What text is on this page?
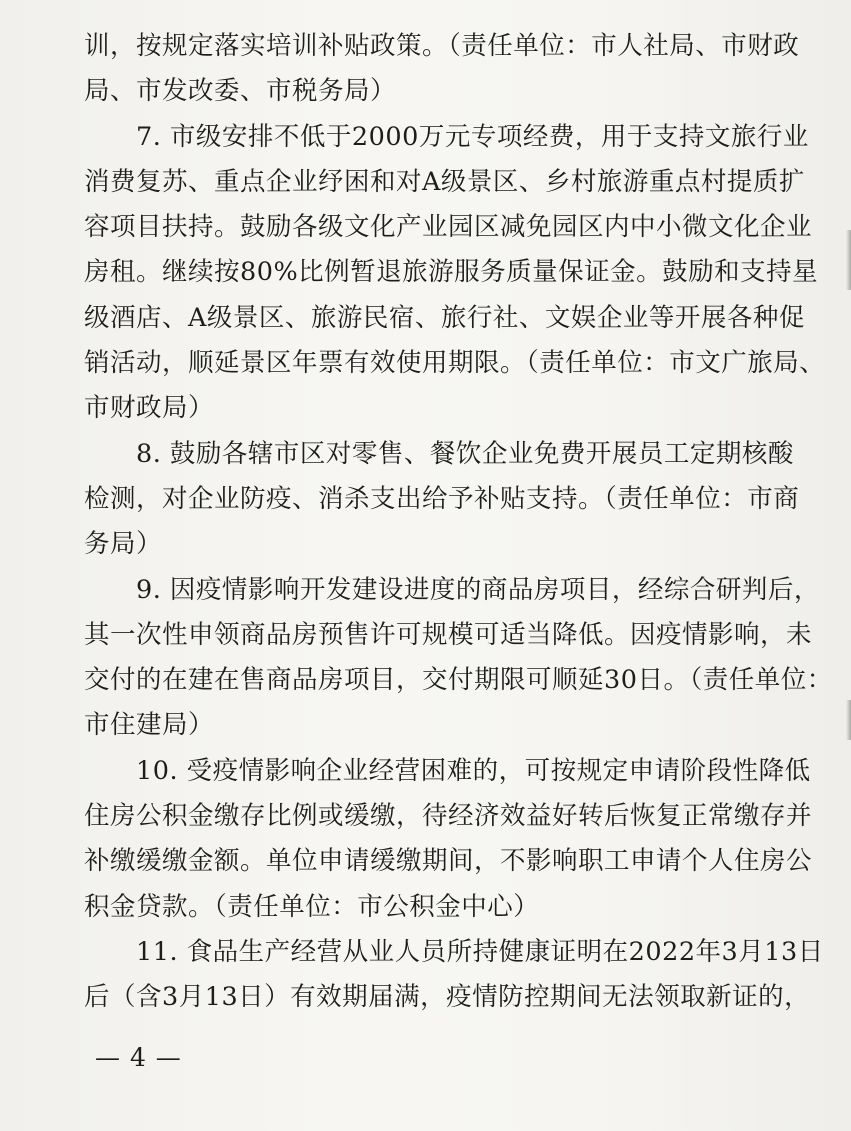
训，按规定落实培训补贴政策。（责任单位：市人社局、市财政
局、市发改委、市税务局）
7. 市级安排不低于2000万元专项经费，用于支持文旅行业
消费复苏、重点企业纾困和对A级景区、乡村旅游重点村提质扩
容项目扶持。鼓励各级文化产业园区减免园区内中小微文化企业
房租。继续按80%比例暂退旅游服务质量保证金。鼓励和支持星
级酒店、A级景区、旅游民宿、旅行社、文娱企业等开展各种促
销活动，顺延景区年票有效使用期限。（责任单位：市文广旅局、
市财政局）
8. 鼓励各辖市区对零售、餐饮企业免费开展员工定期核酸
检测，对企业防疫、消杀支出给予补贴支持。（责任单位：市商
务局）
9. 因疫情影响开发建设进度的商品房项目，经综合研判后，
其一次性申领商品房预售许可规模可适当降低。因疫情影响，未
交付的在建在售商品房项目，交付期限可顺延30日。（责任单位：
市住建局）
10. 受疫情影响企业经营困难的，可按规定申请阶段性降低
住房公积金缴存比例或缓缴，待经济效益好转后恢复正常缴存并
补缴缓缴金额。单位申请缓缴期间，不影响职工申请个人住房公
积金贷款。（责任单位：市公积金中心）
11. 食品生产经营从业人员所持健康证明在2022年3月13日
后（含3月13日）有效期届满，疫情防控期间无法领取新证的，
— 4 —
